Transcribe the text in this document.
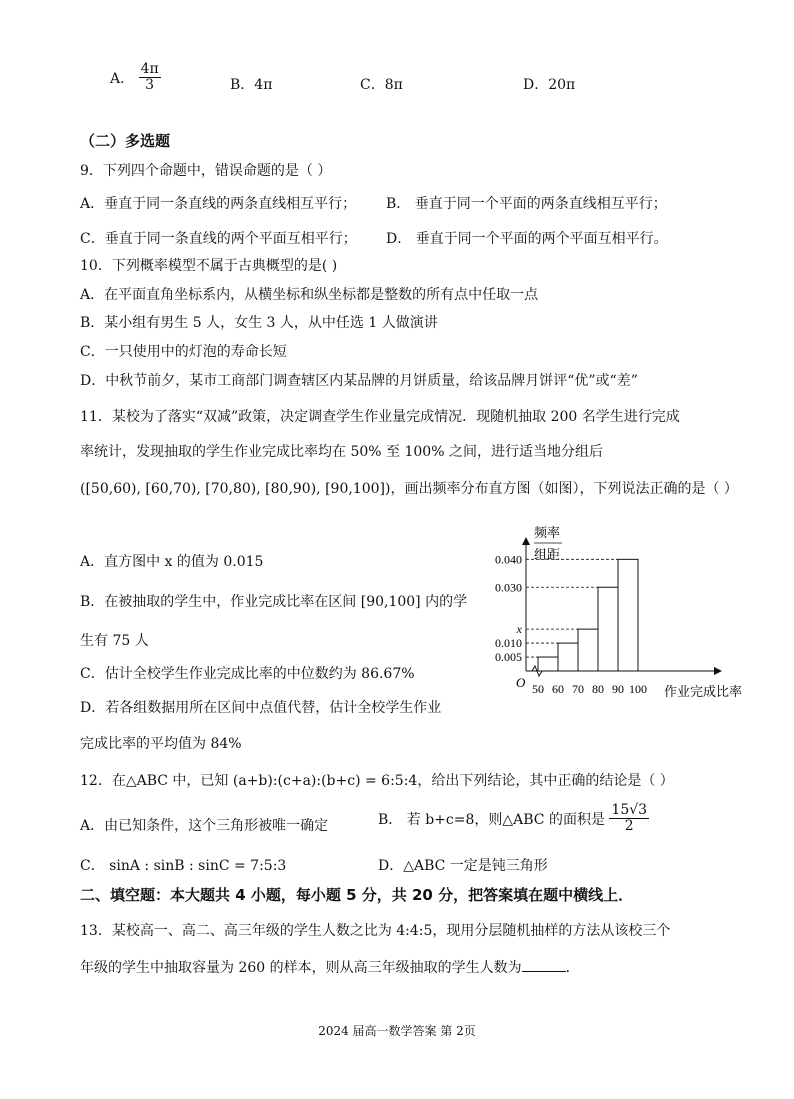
A． $\frac{4\pi}{3}$	B．4π	C．8π	D．20π
（二）多选题
9．下列四个命题中，错误命题的是（ ）
A．垂直于同一条直线的两条直线相互平行； B． 垂直于同一个平面的两条直线相互平行；
C．垂直于同一条直线的两个平面互相平行； D． 垂直于同一个平面的两个平面互相平行。
10．下列概率模型不属于古典概型的是( )
A．在平面直角坐标系内，从横坐标和纵坐标都是整数的所有点中任取一点
B．某小组有男生 5 人，女生 3 人，从中任选 1 人做演讲
C．一只使用中的灯泡的寿命长短
D．中秋节前夕，某市工商部门调查辖区内某品牌的月饼质量，给该品牌月饼评“优”或“差”
11．某校为了落实“双减”政策，决定调查学生作业量完成情况．现随机抽取 200 名学生进行完成
率统计，发现抽取的学生作业完成比率均在 50% 至 100% 之间，进行适当地分组后
([50,60), [60,70), [70,80), [80,90), [90,100])，画出频率分布直方图（如图），下列说法正确的是（ ）
A．直方图中 x 的值为 0.015
B．在被抽取的学生中，作业完成比率在区间 [90,100] 内的学
生有 75 人
C．估计全校学生作业完成比率的中位数约为 86.67%
D．若各组数据用所在区间中点值代替，估计全校学生作业
完成比率的平均值为 84%
频率
组距
O
作业完成比率
0.005
0.010
x
0.030
0.040
50 60 70 80 90 100
12．在△ABC 中，已知 (a+b):(c+a):(b+c) = 6:5:4，给出下列结论，其中正确的结论是（ ）
A．由已知条件，这个三角形被唯一确定	B． 若 b+c=8，则△ABC 的面积是 $\frac{15√3}{2}$
C． sinA : sinB : sinC = 7:5:3	D．△ABC 一定是钝三角形
二、填空题：本大题共 4 小题，每小题 5 分，共 20 分，把答案填在题中横线上．
13．某校高一、高二、高三年级的学生人数之比为 4:4:5，现用分层随机抽样的方法从该校三个
年级的学生中抽取容量为 260 的样本，则从高三年级抽取的学生人数为	．
2024 届高一数学答案 第 2页
